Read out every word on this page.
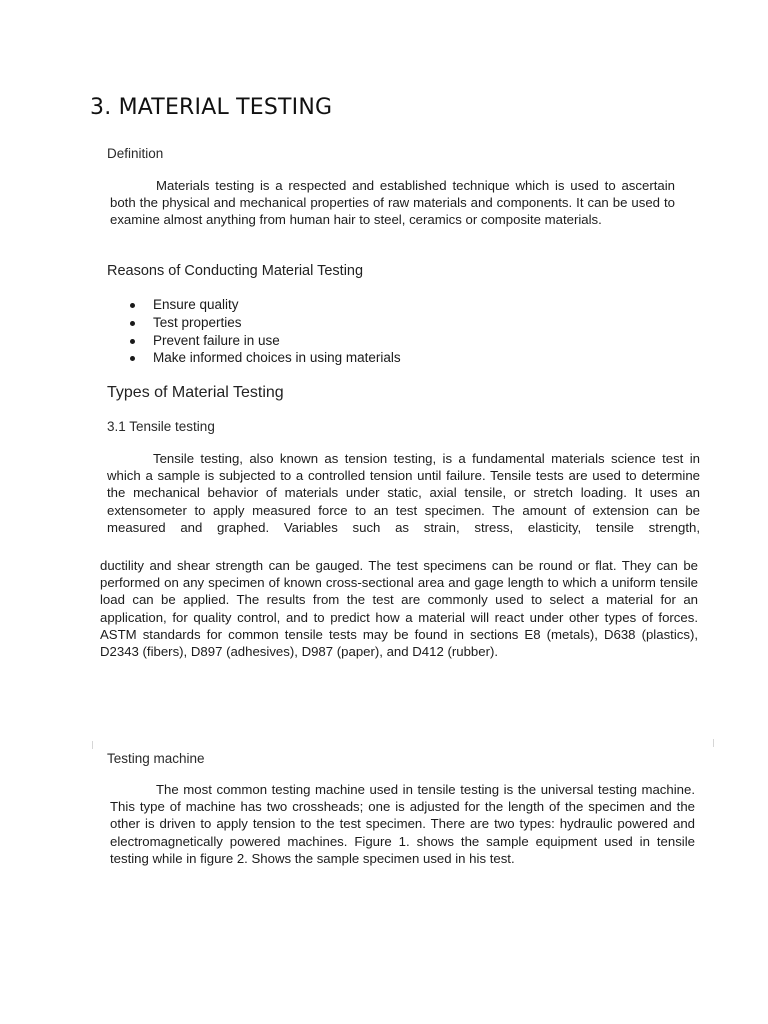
3. MATERIAL TESTING
Definition

Materials testing is a respected and established technique which is used to ascertain both the physical and mechanical properties of raw materials and components. It can be used to examine almost anything from human hair to steel, ceramics or composite materials.

Reasons of Conducting Material Testing
Ensure quality
Test properties
Prevent failure in use
Make informed choices in using materials
Types of Material Testing
3.1 Tensile testing

Tensile testing, also known as tension testing, is a fundamental materials science test in which a sample is subjected to a controlled tension until failure. Tensile tests are used to determine the mechanical behavior of materials under static, axial tensile, or stretch loading. It uses an extensometer to apply measured force to an test specimen. The amount of extension can be measured and graphed. Variables such as strain, stress, elasticity, tensile strength,

ductility and shear strength can be gauged. The test specimens can be round or flat. They can be performed on any specimen of known cross-sectional area and gage length to which a uniform tensile load can be applied. The results from the test are commonly used to select a material for an application, for quality control, and to predict how a material will react under other types of forces. ASTM standards for common tensile tests may be found in sections E8 (metals), D638 (plastics), D2343 (fibers), D897 (adhesives), D987 (paper), and D412 (rubber).

Testing machine

The most common testing machine used in tensile testing is the universal testing machine. This type of machine has two crossheads; one is adjusted for the length of the specimen and the other is driven to apply tension to the test specimen. There are two types: hydraulic powered and electromagnetically powered machines. Figure 1. shows the sample equipment used in tensile testing while in figure 2. Shows the sample specimen used in his test.
